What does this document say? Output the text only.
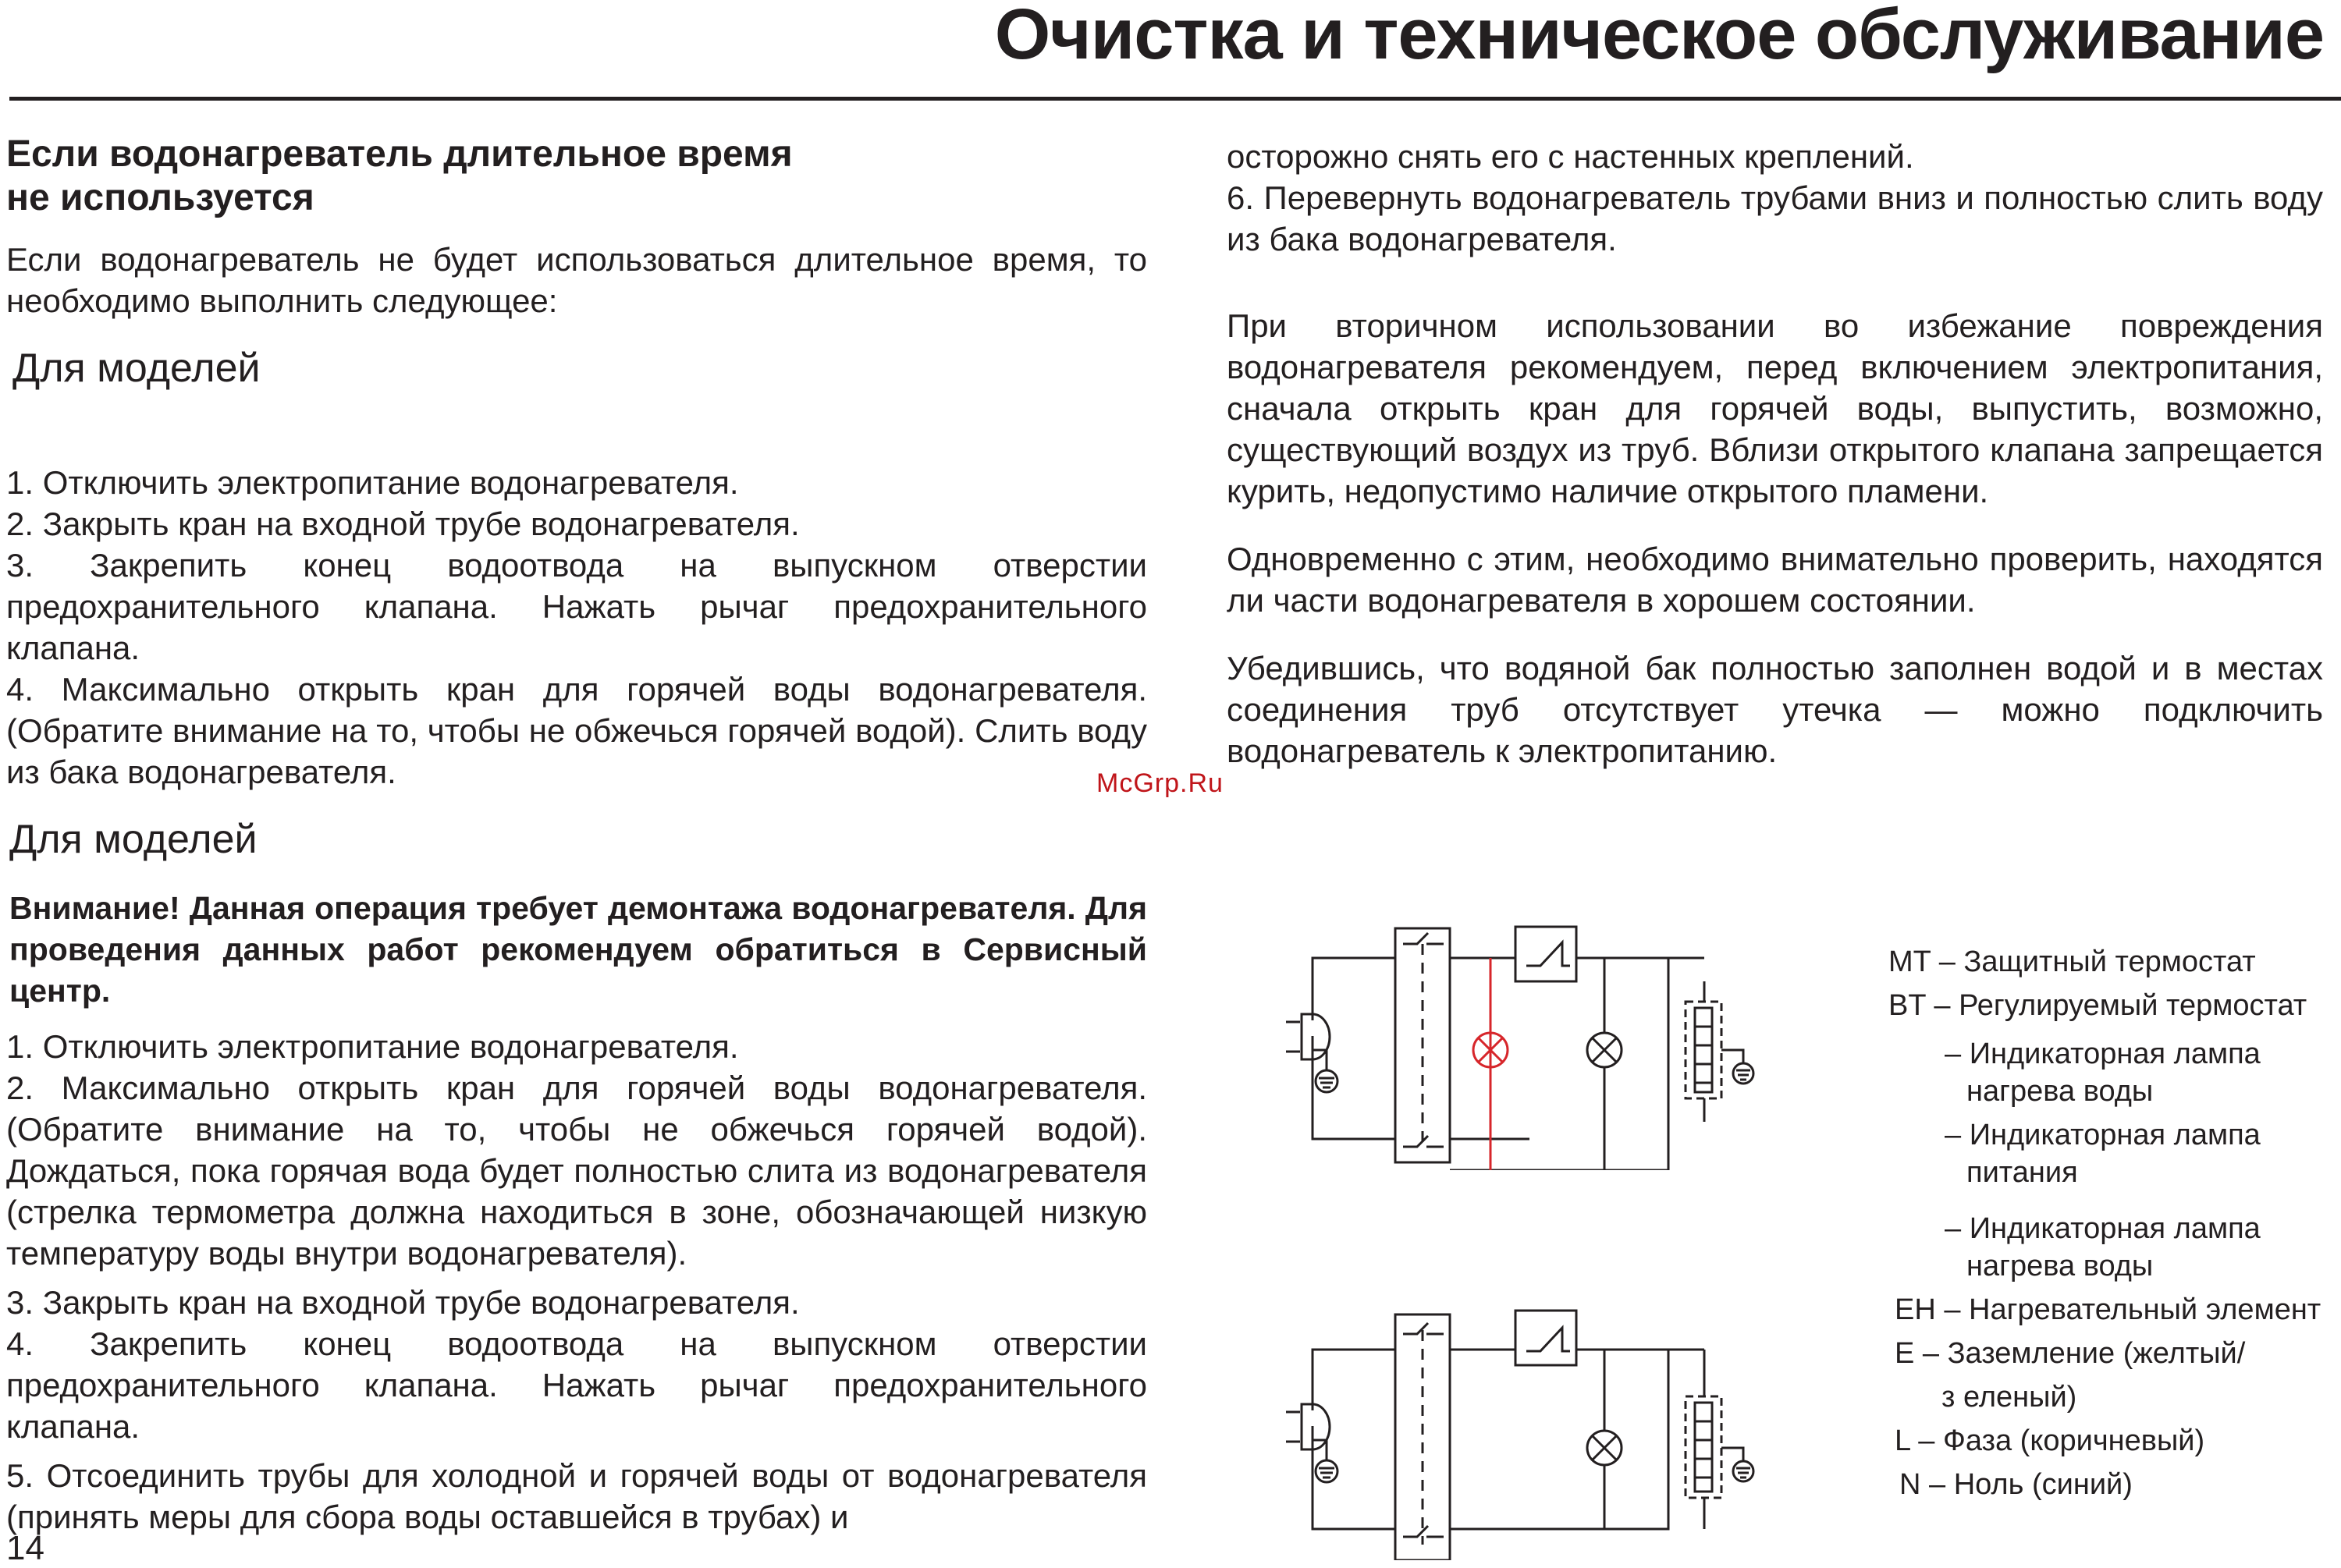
Очистка и техническое обслуживание
Если водонагреватель длительное время
не используется

Если водонагреватель не будет использоваться длительное время, то необходимо выполнить следующее:

Для моделей

1. Отключить электропитание водонагревателя.

2. Закрыть кран на входной трубе водонагревателя.

3. Закрепить конец водоотвода на выпускном отверстии предохранительного клапана. Нажать рычаг предохранительного клапана.

4. Максимально открыть кран для горячей воды водонагревателя. (Обратите внимание на то, чтобы не обжечься горячей водой). Слить воду из бака водонагревателя.

Для моделей

Внимание! Данная операция требует демонтажа водонагревателя. Для проведения данных работ рекомендуем обратиться в Сервисный центр.

1. Отключить электропитание водонагревателя.

2. Максимально открыть кран для горячей воды водонагревателя. (Обратите внимание на то, чтобы не обжечься горячей водой). Дождаться, пока горячая вода будет полностью слита из водонагревателя (стрелка термометра должна находиться в зоне, обозначающей низкую температуру воды внутри водонагревателя).

3. Закрыть кран на входной трубе водонагревателя.

4. Закрепить конец водоотвода на выпускном отверстии предохранительного клапана. Нажать рычаг предохранительного клапана.

5. Отсоединить трубы для холодной и горячей воды от водонагревателя (принять меры для сбора воды оставшейся в трубах) и

осторожно снять его с настенных креплений.

6. Перевернуть водонагреватель трубами вниз и полностью слить воду из бака водонагревателя.

При вторичном использовании во избежание повреждения водонагревателя рекомендуем, перед включением электропитания, сначала открыть кран для горячей воды, выпустить, возможно, существующий воздух из труб. Вблизи открытого клапана запрещается курить, недопустимо наличие открытого пламени.

Одновременно с этим, необходимо внимательно проверить, находятся ли части водонагревателя в хорошем состоянии.

Убедившись, что водяной бак полностью заполнен водой и в местах соединения труб отсутствует утечка — можно подключить водонагреватель к электропитанию.

McGrp.Ru
MT – Защитный термостат
BT – Регулируемый термостат
– Индикаторная лампа
нагрева воды
– Индикаторная лампа
питания
– Индикаторная лампа
нагрева воды
EH – Нагревательный элемент
E – Заземление (желтый/
з еленый)
L – Фаза (коричневый)
N – Ноль (синий)
14
